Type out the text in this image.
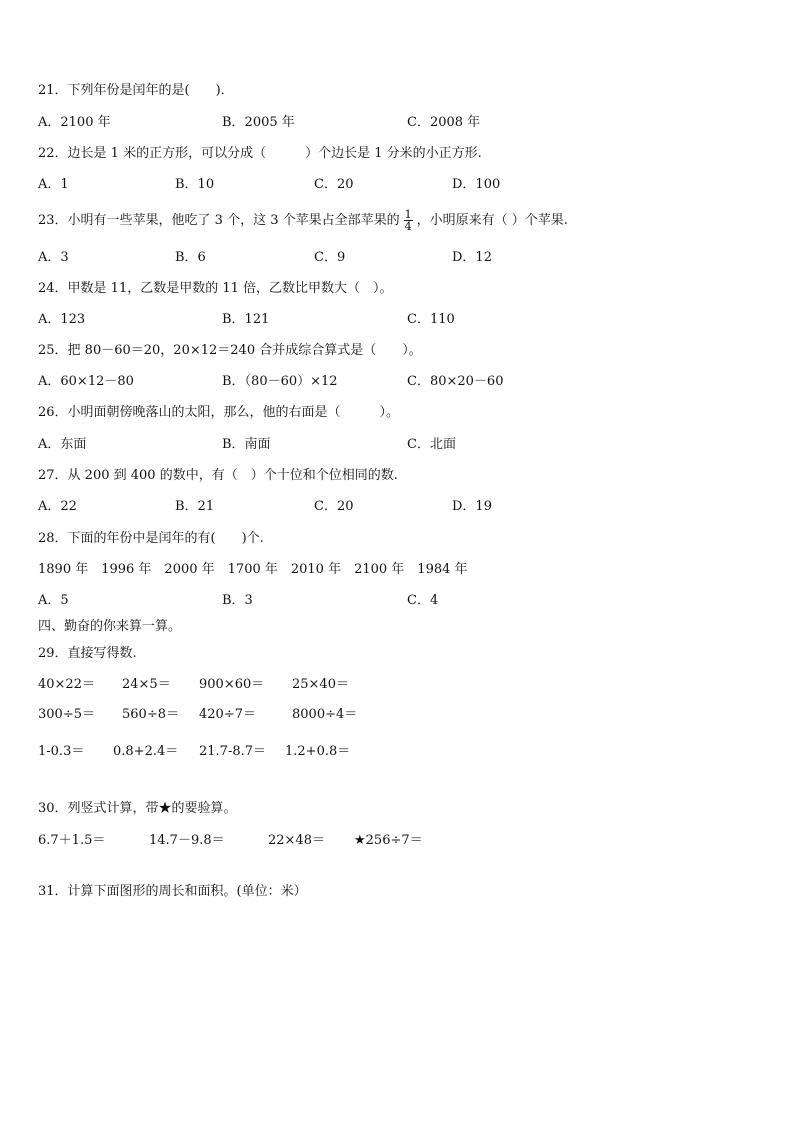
21．下列年份是闰年的是(　　)．
A．2100 年	B．2005 年	C．2008 年
22．边长是 1 米的正方形，可以分成（　　　）个边长是 1 分米的小正方形.
A．1	B．10	C．20	D．100
23．小明有一些苹果，他吃了 3 个，这 3 个苹果占全部苹果的 $\frac{1}{4}$ ，小明原来有（ ）个苹果.
A．3	B．6	C．9	D．12
24．甲数是 11，乙数是甲数的 11 倍，乙数比甲数大（　）。
A．123	B．121	C．110
25．把 80－60＝20，20×12＝240 合并成综合算式是（　　）。
A．60×12－80	B．（80－60）×12	C．80×20－60
26．小明面朝傍晚落山的太阳，那么，他的右面是（　　　）。
A．东面	B．南面	C．北面
27．从 200 到 400 的数中，有（　）个十位和个位相同的数.
A．22	B．21	C．20	D．19
28．下面的年份中是闰年的有(　　)个.
1890 年　1996 年　2000 年　1700 年　2010 年　2100 年　1984 年
A．5	B．3	C．4
四、勤奋的你来算一算。
29．直接写得数.
40×22＝ 24×5＝ 900×60＝ 25×40＝
300÷5＝ 560÷8＝ 420÷7＝	8000÷4＝
1-0.3＝ 0.8+2.4＝ 21.7-8.7＝ 1.2+0.8＝
30．列竖式计算，带★的要验算。
6.7＋1.5＝	14.7－9.8＝	22×48＝ ★256÷7＝
31．计算下面图形的周长和面积。(单位：米）
